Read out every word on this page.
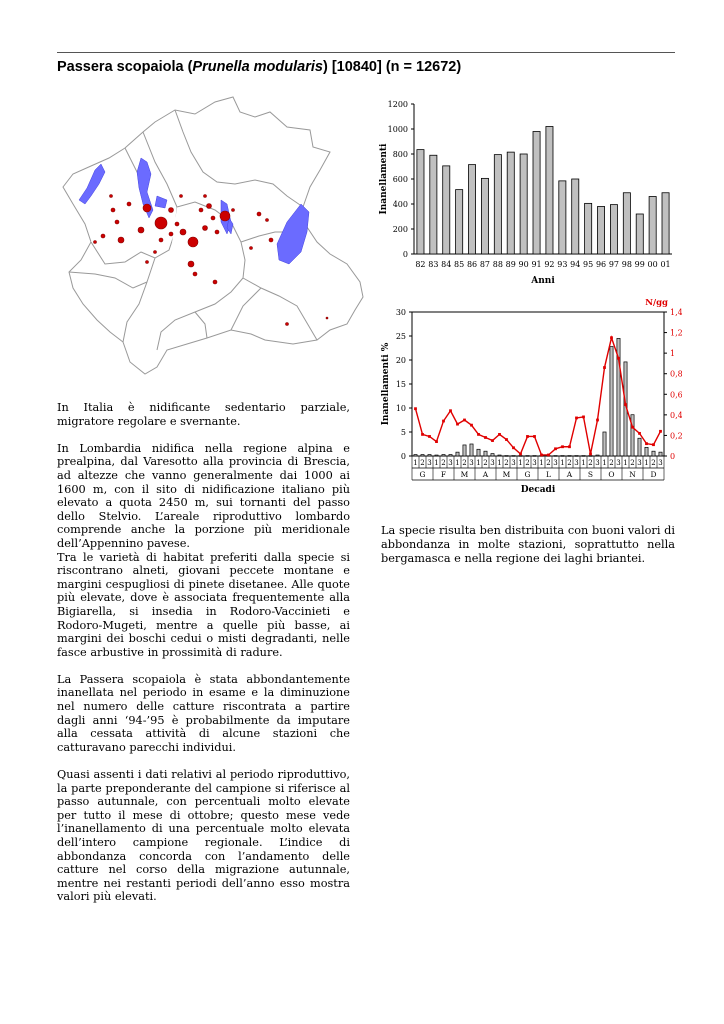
Passera scopaiola (Prunella modularis) [10840] (n = 12672)
0
200
400
600
800
1000
1200
82 83 84 85 86 87 88 89 90 91 92 93 94 95 96 97 98 99 00 01
Anni
Inanellamenti
0
5
10
15
20
25
30
0
0,2
0,4
0,6
0,8
1
1,2
1,4
N/gg
1 2 3 1 2 3 1 2 3 1 2 3 1 2 3 1 2 3 1 2 3 1 2 3 1 2 3 1 2 3 1 2 3 1 2 3
G F M A M G L A S O N D
Decadi
Inanellamenti %

In Italia è nidificante sedentario parziale, migratore regolare e svernante.

In Lombardia nidifica nella regione alpina e prealpina, dal Varesotto alla provincia di Brescia, ad altezze che vanno generalmente dai 1000 ai 1600 m, con il sito di nidificazione italiano più elevato a quota 2450 m, sui tornanti del passo dello Stelvio. L’areale riproduttivo lombardo comprende anche la porzione più meridionale dell’Appennino pavese.

Tra le varietà di habitat preferiti dalla specie si riscontrano alneti, giovani peccete montane e margini cespugliosi di pinete disetanee. Alle quote più elevate, dove è associata frequentemente alla Bigiarella, si insedia in Rodoro-Vaccinieti e Rodoro-Mugeti, mentre a quelle più basse, ai margini dei boschi cedui o misti degradanti, nelle fasce arbustive in prossimità di radure.

La Passera scopaiola è stata abbondantemente inanellata nel periodo in esame e la diminuzione nel numero delle catture riscontrata a partire dagli anni ‘94-’95 è probabilmente da imputare alla cessata attività di alcune stazioni che catturavano parecchi individui.

Quasi assenti i dati relativi al periodo riproduttivo, la parte preponderante del campione si riferisce al passo autunnale, con percentuali molto elevate per tutto il mese di ottobre; questo mese vede l’inanellamento di una percentuale molto elevata dell’intero campione regionale. L’indice di abbondanza concorda con l’andamento delle catture nel corso della migrazione autunnale, mentre nei restanti periodi dell’anno esso mostra valori più elevati.

La specie risulta ben distribuita con buoni valori di abbondanza in molte stazioni, soprattutto nella bergamasca e nella regione dei laghi briantei.
